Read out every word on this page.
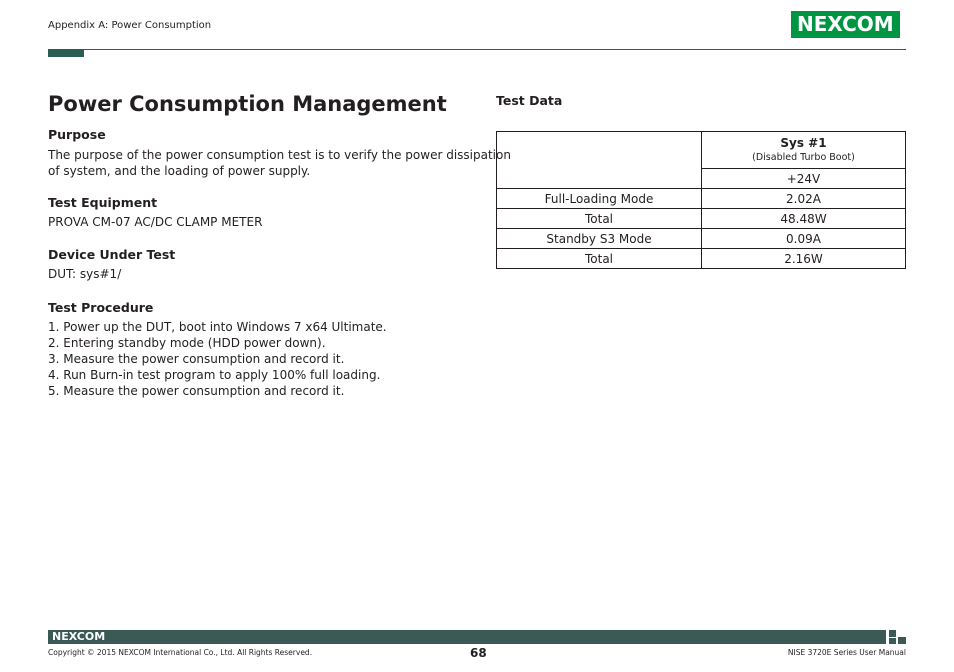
Appendix A: Power Consumption	NEXCOM
Power Consumption Management
Purpose
The purpose of the power consumption test is to verify the power dissipation
of system, and the loading of power supply.
Test Equipment
PROVA CM-07 AC/DC CLAMP METER
Device Under Test
DUT: sys#1/
Test Procedure
1. Power up the DUT, boot into Windows 7 x64 Ultimate.
2. Entering standby mode (HDD power down).
3. Measure the power consumption and record it.
4. Run Burn-in test program to apply 100% full loading.
5. Measure the power consumption and record it.
Test Data

	Sys #1
(Disabled Turbo Boot)

	+24V
Full-Loading Mode	2.02A
Total	48.48W
Standby S3 Mode	0.09A
Total	2.16W
NEXCOM
Copyright © 2015 NEXCOM International Co., Ltd. All Rights Reserved.	68	NISE 3720E Series User Manual
